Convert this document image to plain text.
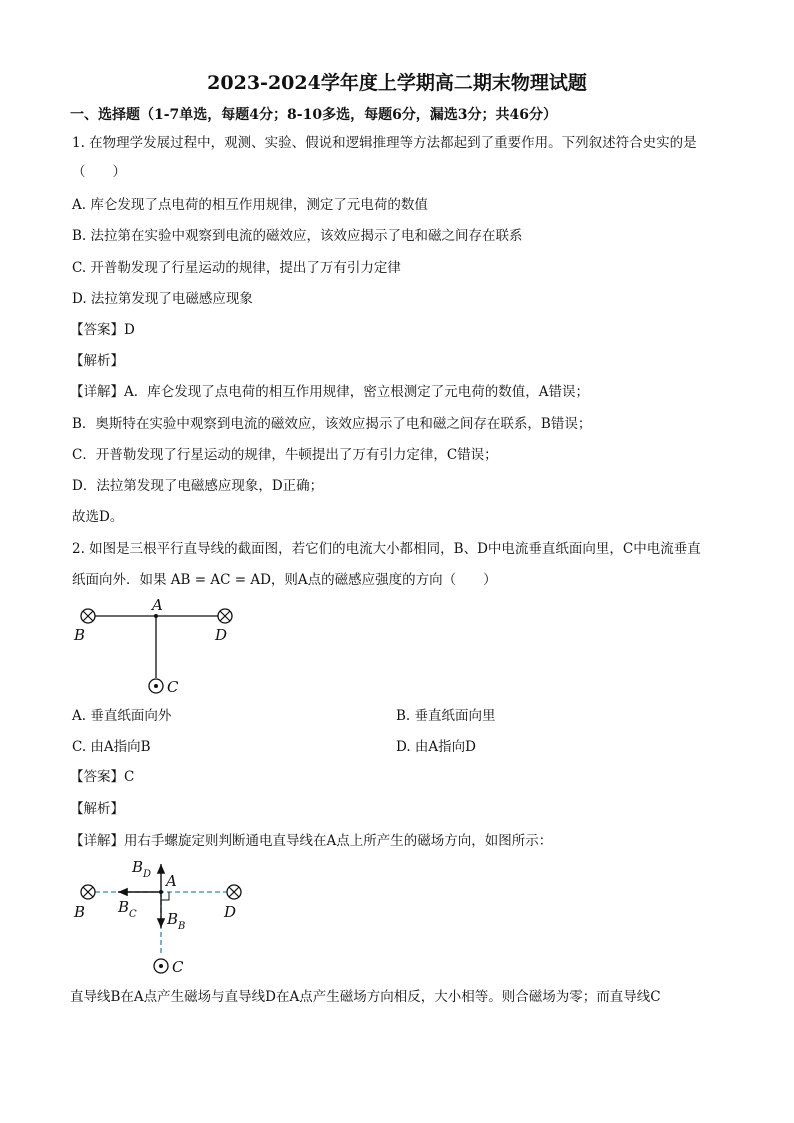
2023-2024学年度上学期高二期末物理试题
一、选择题（1-7单选，每题4分；8-10多选，每题6分，漏选3分；共46分）
1. 在物理学发展过程中，观测、实验、假说和逻辑推理等方法都起到了重要作用。下列叙述符合史实的是
（　　）
A. 库仑发现了点电荷的相互作用规律，测定了元电荷的数值
B. 法拉第在实验中观察到电流的磁效应，该效应揭示了电和磁之间存在联系
C. 开普勒发现了行星运动的规律，提出了万有引力定律
D. 法拉第发现了电磁感应现象
【答案】D
【解析】
【详解】A．库仑发现了点电荷的相互作用规律，密立根测定了元电荷的数值，A错误；
B．奥斯特在实验中观察到电流的磁效应，该效应揭示了电和磁之间存在联系，B错误；
C．开普勒发现了行星运动的规律，牛顿提出了万有引力定律，C错误；
D．法拉第发现了电磁感应现象，D正确；
故选D。
2. 如图是三根平行直导线的截面图，若它们的电流大小都相同，B、D中电流垂直纸面向里，C中电流垂直
纸面向外．如果 AB = AC = AD，则A点的磁感应强度的方向（　　）
A
B	D
C
A. 垂直纸面向外	B. 垂直纸面向里
C. 由A指向B	D. 由A指向D
【答案】C
【解析】
【详解】用右手螺旋定则判断通电直导线在A点上所产生的磁场方向，如图所示：
$B_D$ A
B $B_C$ $B_B$
D
C
直导线B在A点产生磁场与直导线D在A点产生磁场方向相反，大小相等。则合磁场为零；而直导线C
